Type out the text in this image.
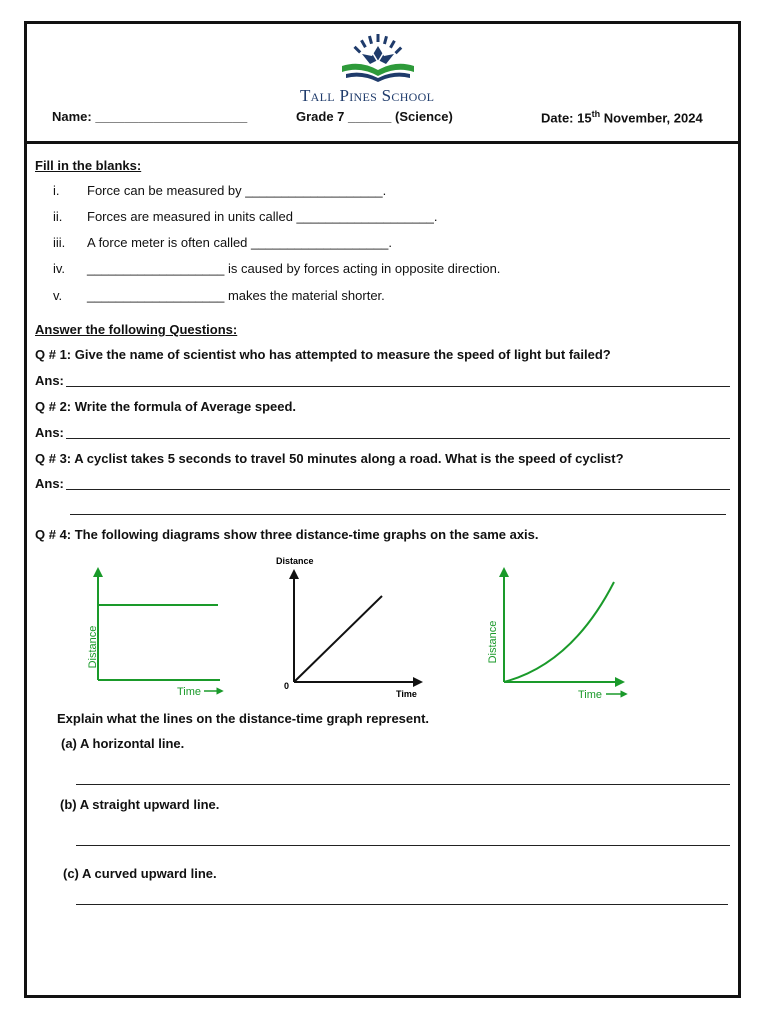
Tall Pines School
Name: _____________________	Grade 7 ______ (Science)	Date: 15th November, 2024
Fill in the blanks:
i.	Force can be measured by ___________________.
ii.	Forces are measured in units called ___________________.
iii.	A force meter is often called ___________________.
iv.	___________________ is caused by forces acting in opposite direction.
v.	___________________ makes the material shorter.
Answer the following Questions:
Q # 1: Give the name of scientist who has attempted to measure the speed of light but failed?
Ans:
Q # 2: Write the formula of Average speed.
Ans:
Q # 3: A cyclist takes 5 seconds to travel 50 minutes along a road. What is the speed of cyclist?
Ans:
Q # 4: The following diagrams show three distance-time graphs on the same axis.
Distance
Time
Distance
0
Time
Distance
Time
Explain what the lines on the distance-time graph represent.
(a) A horizontal line.
(b) A straight upward line.
(c) A curved upward line.
